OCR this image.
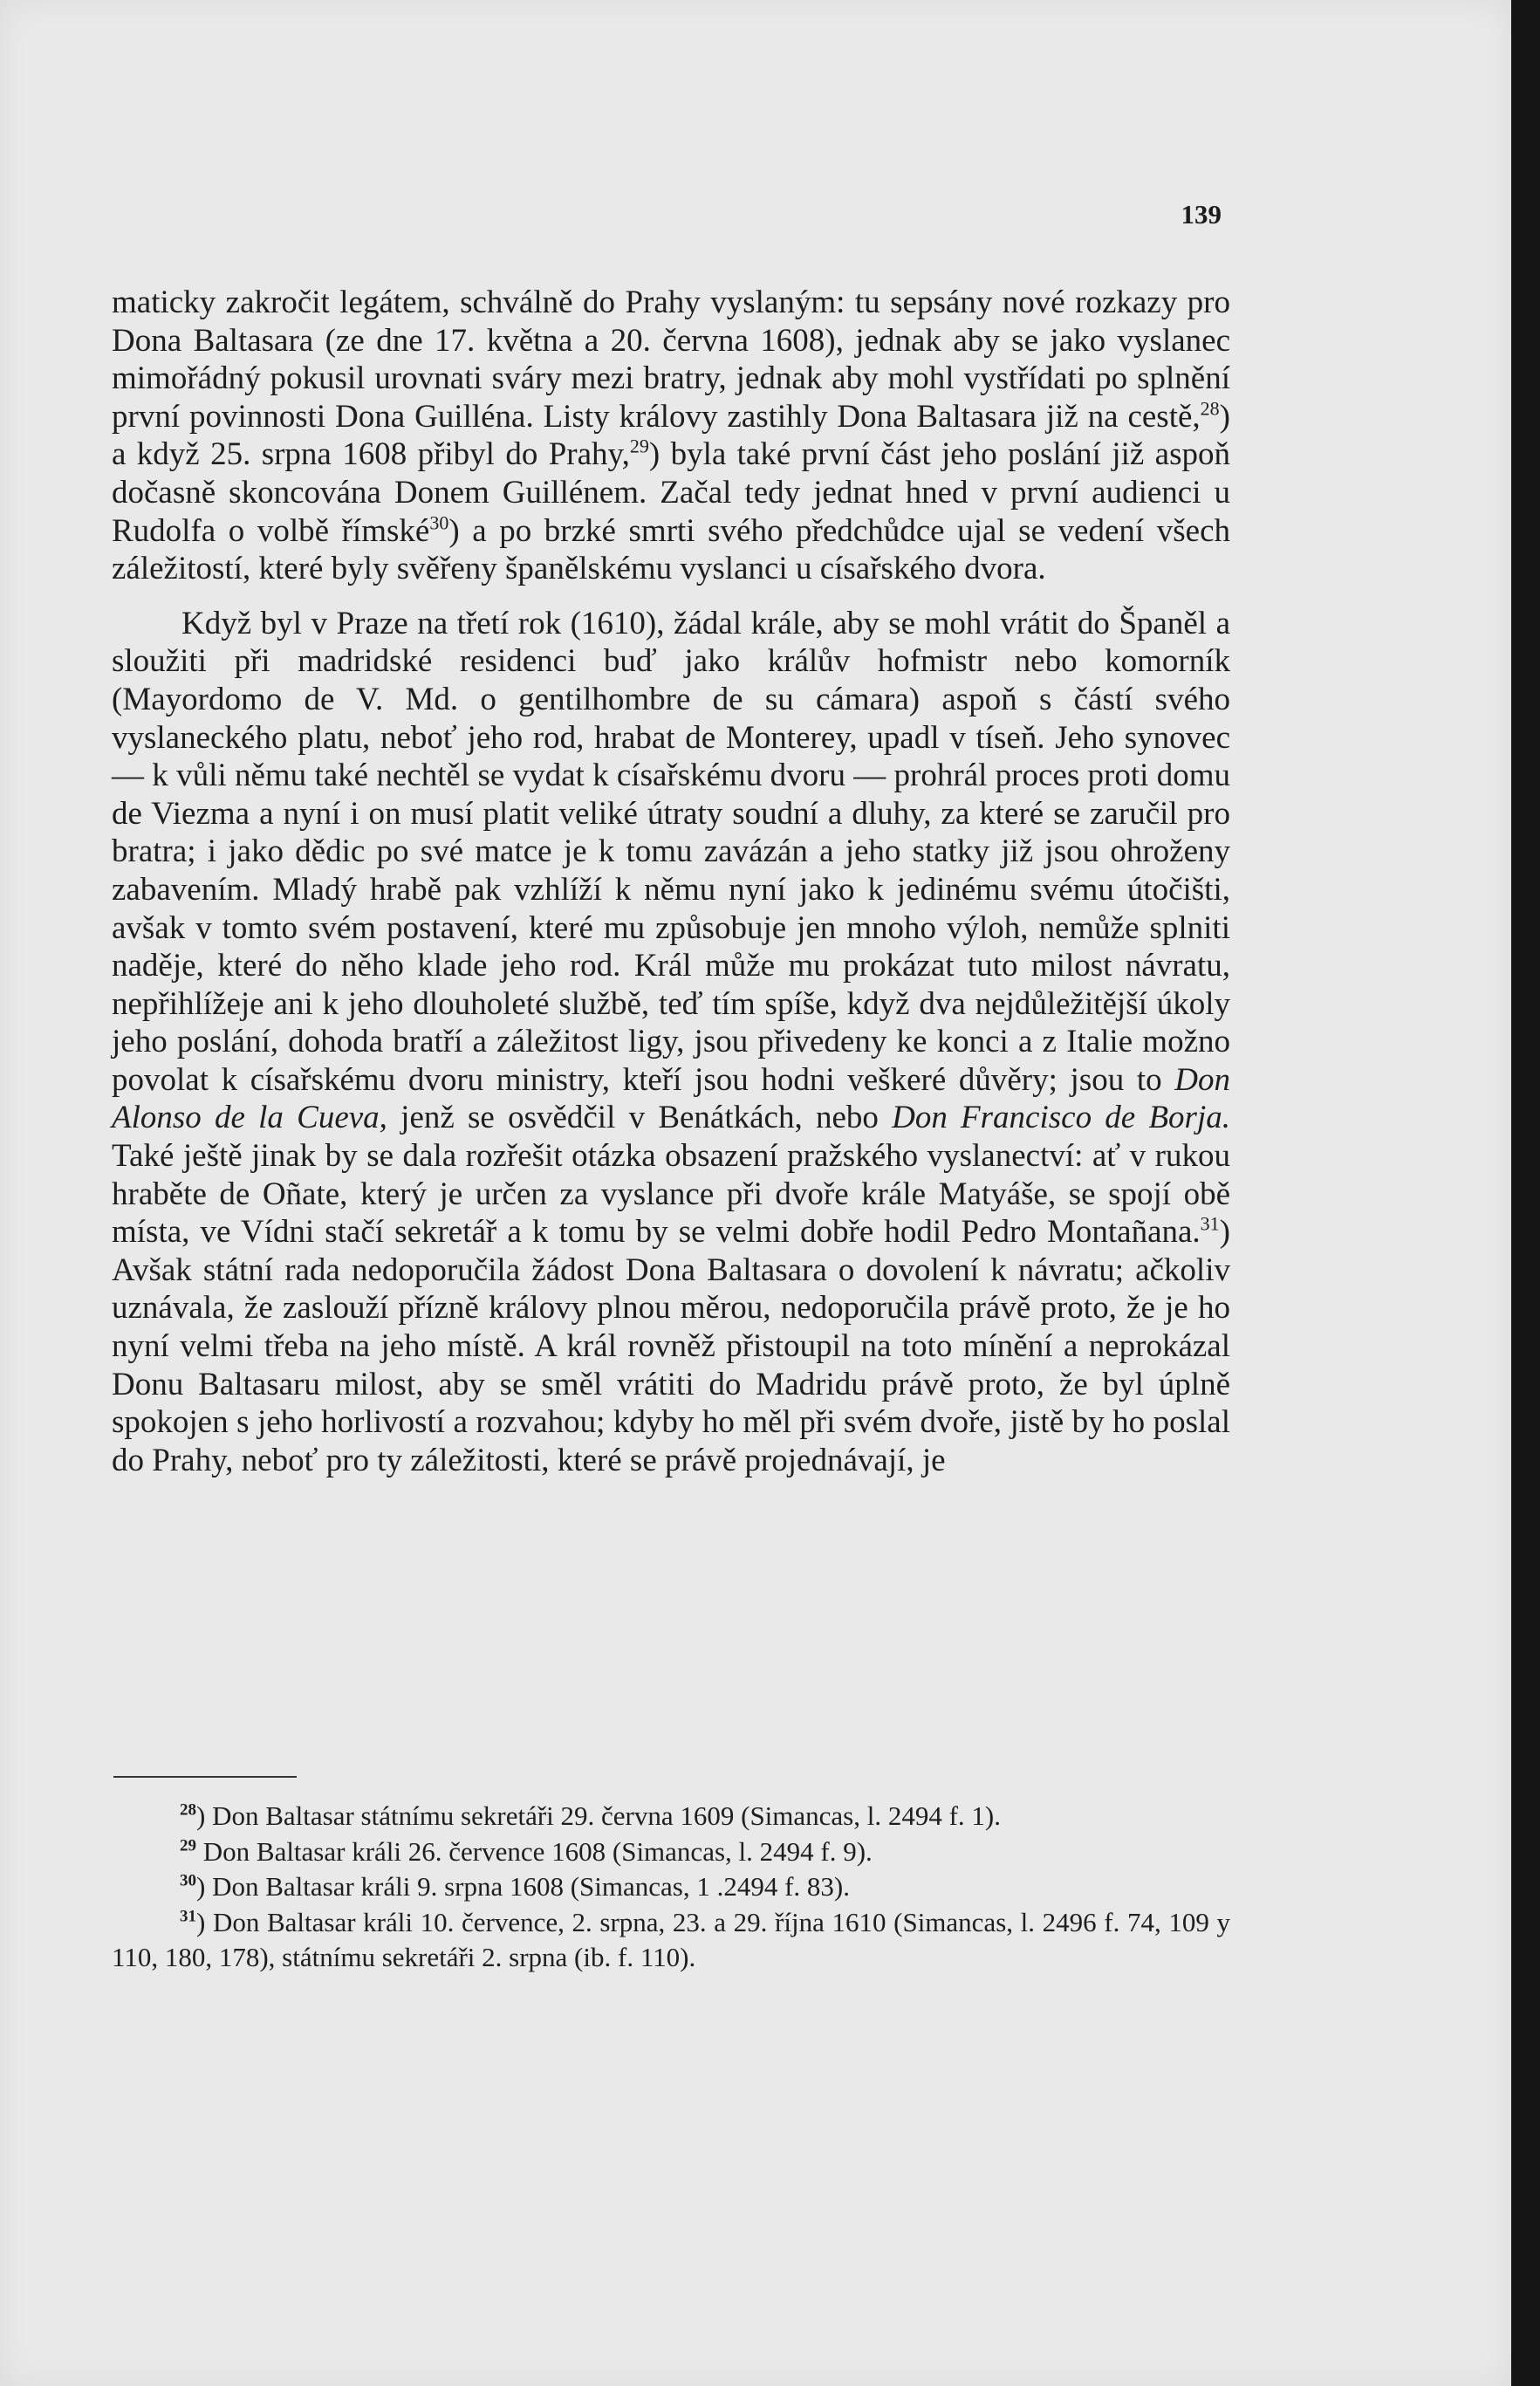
139

maticky zakročit legátem, schválně do Prahy vyslaným: tu sepsány nové rozkazy pro Dona Baltasara (ze dne 17. května a 20. června 1608), jednak aby se jako vyslanec mimořádný pokusil urovnati sváry mezi bratry, jednak aby mohl vystřídati po splnění první povinnosti Dona Guilléna. Listy královy zastihly Dona Baltasara již na cestě,$^{28}$) a když 25. srpna 1608 přibyl do Prahy,$^{29}$) byla také první část jeho poslání již aspoň dočasně skoncována Donem Guillénem. Začal tedy jednat hned v první audienci u Rudolfa o volbě římské$^{30}$) a po brzké smrti svého předchůdce ujal se vedení všech záležitostí, které byly svěřeny španělskému vyslanci u císařského dvora.

Když byl v Praze na třetí rok (1610), žádal krále, aby se mohl vrátit do Španěl a sloužiti při madridské residenci buď jako králův hofmistr nebo komorník (Mayordomo de V. Md. o gentilhombre de su cámara) aspoň s částí svého vyslaneckého platu, neboť jeho rod, hrabat de Monterey, upadl v tíseň. Jeho synovec — k vůli němu také nechtěl se vydat k císařskému dvoru — prohrál proces proti domu de Viezma a nyní i on musí platit veliké útraty soudní a dluhy, za které se zaručil pro bratra; i jako dědic po své matce je k tomu zavázán a jeho statky již jsou ohroženy zabavením. Mladý hrabě pak vzhlíží k němu nyní jako k jedinému svému útočišti, avšak v tomto svém postavení, které mu způsobuje jen mnoho výloh, nemůže splniti naděje, které do něho klade jeho rod. Král může mu prokázat tuto milost návratu, nepřihlížeje ani k jeho dlouholeté službě, teď tím spíše, když dva nejdůležitější úkoly jeho poslání, dohoda bratří a záležitost ligy, jsou přivedeny ke konci a z Italie možno povolat k císařskému dvoru ministry, kteří jsou hodni veškeré důvěry; jsou to Don Alonso de la Cueva, jenž se osvědčil v Benátkách, nebo Don Francisco de Borja. Také ještě jinak by se dala rozřešit otázka obsazení pražského vyslanectví: ať v rukou hraběte de Oñate, který je určen za vyslance při dvoře krále Matyáše, se spojí obě místa, ve Vídni stačí sekretář a k tomu by se velmi dobře hodil Pedro Montañana.$^{31}$) Avšak státní rada nedoporučila žádost Dona Baltasara o dovolení k návratu; ačkoliv uznávala, že zaslouží přízně královy plnou měrou, nedoporučila právě proto, že je ho nyní velmi třeba na jeho místě. A král rovněž přistoupil na toto mínění a neprokázal Donu Baltasaru milost, aby se směl vrátiti do Madridu právě proto, že byl úplně spokojen s jeho horlivostí a rozvahou; kdyby ho měl při svém dvoře, jistě by ho poslal do Prahy, neboť pro ty záležitosti, které se právě projednávají, je

$^{28}$) Don Baltasar státnímu sekretáři 29. června 1609 (Simancas, l. 2494 f. 1).

$^{29}$ Don Baltasar králi 26. července 1608 (Simancas, l. 2494 f. 9).

$^{30}$) Don Baltasar králi 9. srpna 1608 (Simancas, 1 .2494 f. 83).

$^{31}$) Don Baltasar králi 10. července, 2. srpna, 23. a 29. října 1610 (Simancas, l. 2496 f. 74, 109 y 110, 180, 178), státnímu sekretáři 2. srpna (ib. f. 110).
